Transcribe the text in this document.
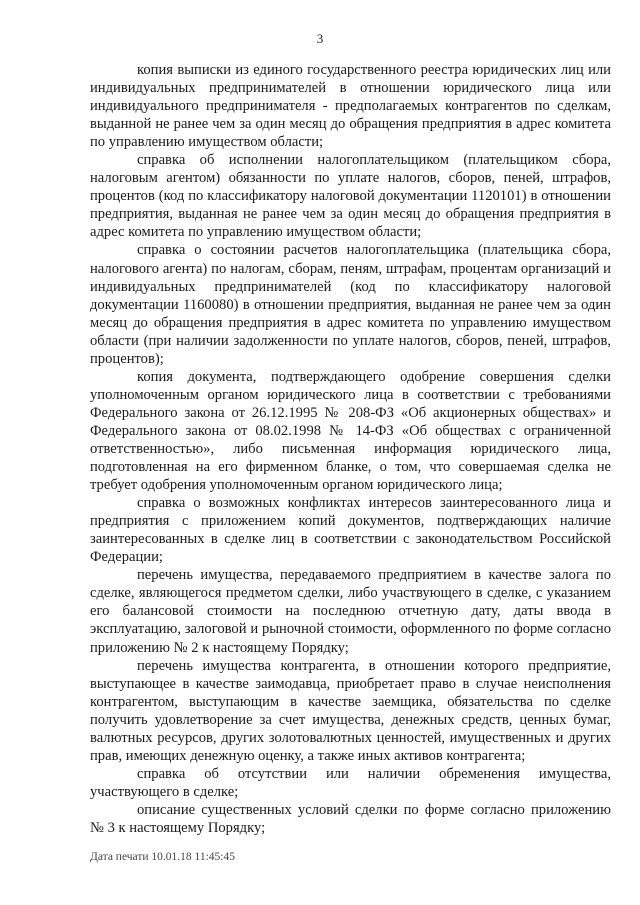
3

копия выписки из единого государственного реестра юридических лиц или индивидуальных предпринимателей в отношении юридического лица или индивидуального предпринимателя - предполагаемых контрагентов по сделкам, выданной не ранее чем за один месяц до обращения предприятия в адрес комитета по управлению имуществом области;

справка об исполнении налогоплательщиком (плательщиком сбора, налоговым агентом) обязанности по уплате налогов, сборов, пеней, штрафов, процентов (код по классификатору налоговой документации 1120101) в отношении предприятия, выданная не ранее чем за один месяц до обращения предприятия в адрес комитета по управлению имуществом области;

справка о состоянии расчетов налогоплательщика (плательщика сбора, налогового агента) по налогам, сборам, пеням, штрафам, процентам организаций и индивидуальных предпринимателей (код по классификатору налоговой документации 1160080) в отношении предприятия, выданная не ранее чем за один месяц до обращения предприятия в адрес комитета по управлению имуществом области (при наличии задолженности по уплате налогов, сборов, пеней, штрафов, процентов);

копия документа, подтверждающего одобрение совершения сделки уполномоченным органом юридического лица в соответствии с требованиями Федерального закона от 26.12.1995 № 208-ФЗ «Об акционерных обществах» и Федерального закона от 08.02.1998 № 14-ФЗ «Об обществах с ограниченной ответственностью», либо письменная информация юридического лица, подготовленная на его фирменном бланке, о том, что совершаемая сделка не требует одобрения уполномоченным органом юридического лица;

справка о возможных конфликтах интересов заинтересованного лица и предприятия с приложением копий документов, подтверждающих наличие заинтересованных в сделке лиц в соответствии с законодательством Российской Федерации;

перечень имущества, передаваемого предприятием в качестве залога по сделке, являющегося предметом сделки, либо участвующего в сделке, с указанием его балансовой стоимости на последнюю отчетную дату, даты ввода в эксплуатацию, залоговой и рыночной стоимости, оформленного по форме согласно приложению № 2 к настоящему Порядку;

перечень имущества контрагента, в отношении которого предприятие, выступающее в качестве заимодавца, приобретает право в случае неисполнения контрагентом, выступающим в качестве заемщика, обязательства по сделке получить удовлетворение за счет имущества, денежных средств, ценных бумаг, валютных ресурсов, других золотовалютных ценностей, имущественных и других прав, имеющих денежную оценку, а также иных активов контрагента;

справка об отсутствии или наличии обременения имущества, участвующего в сделке;

описание существенных условий сделки по форме согласно приложению № 3 к настоящему Порядку;

Дата печати 10.01.18 11:45:45
